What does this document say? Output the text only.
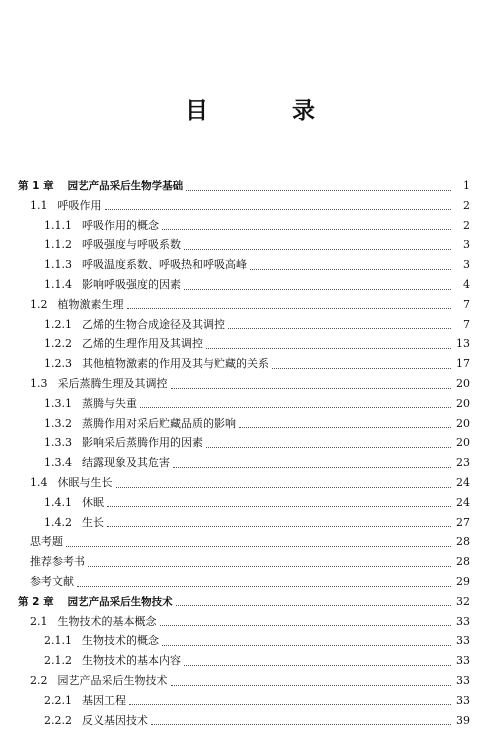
目 录
第 1 章	园艺产品采后生物学基础	1
1.1 呼吸作用	2
1.1.1 呼吸作用的概念	2
1.1.2 呼吸强度与呼吸系数	3
1.1.3 呼吸温度系数、呼吸热和呼吸高峰	3
1.1.4 影响呼吸强度的因素	4
1.2 植物激素生理	7
1.2.1 乙烯的生物合成途径及其调控	7
1.2.2 乙烯的生理作用及其调控	13
1.2.3 其他植物激素的作用及其与贮藏的关系	17
1.3 采后蒸腾生理及其调控	20
1.3.1 蒸腾与失重	20
1.3.2 蒸腾作用对采后贮藏品质的影响	20
1.3.3 影响采后蒸腾作用的因素	20
1.3.4 结露现象及其危害	23
1.4 休眠与生长	24
1.4.1 休眠	24
1.4.2 生长	27
思考题	28
推荐参考书	28
参考文献	29
第 2 章	园艺产品采后生物技术	32
2.1 生物技术的基本概念	33
2.1.1 生物技术的概念	33
2.1.2 生物技术的基本内容	33
2.2 园艺产品采后生物技术	33
2.2.1 基因工程	33
2.2.2 反义基因技术	39
